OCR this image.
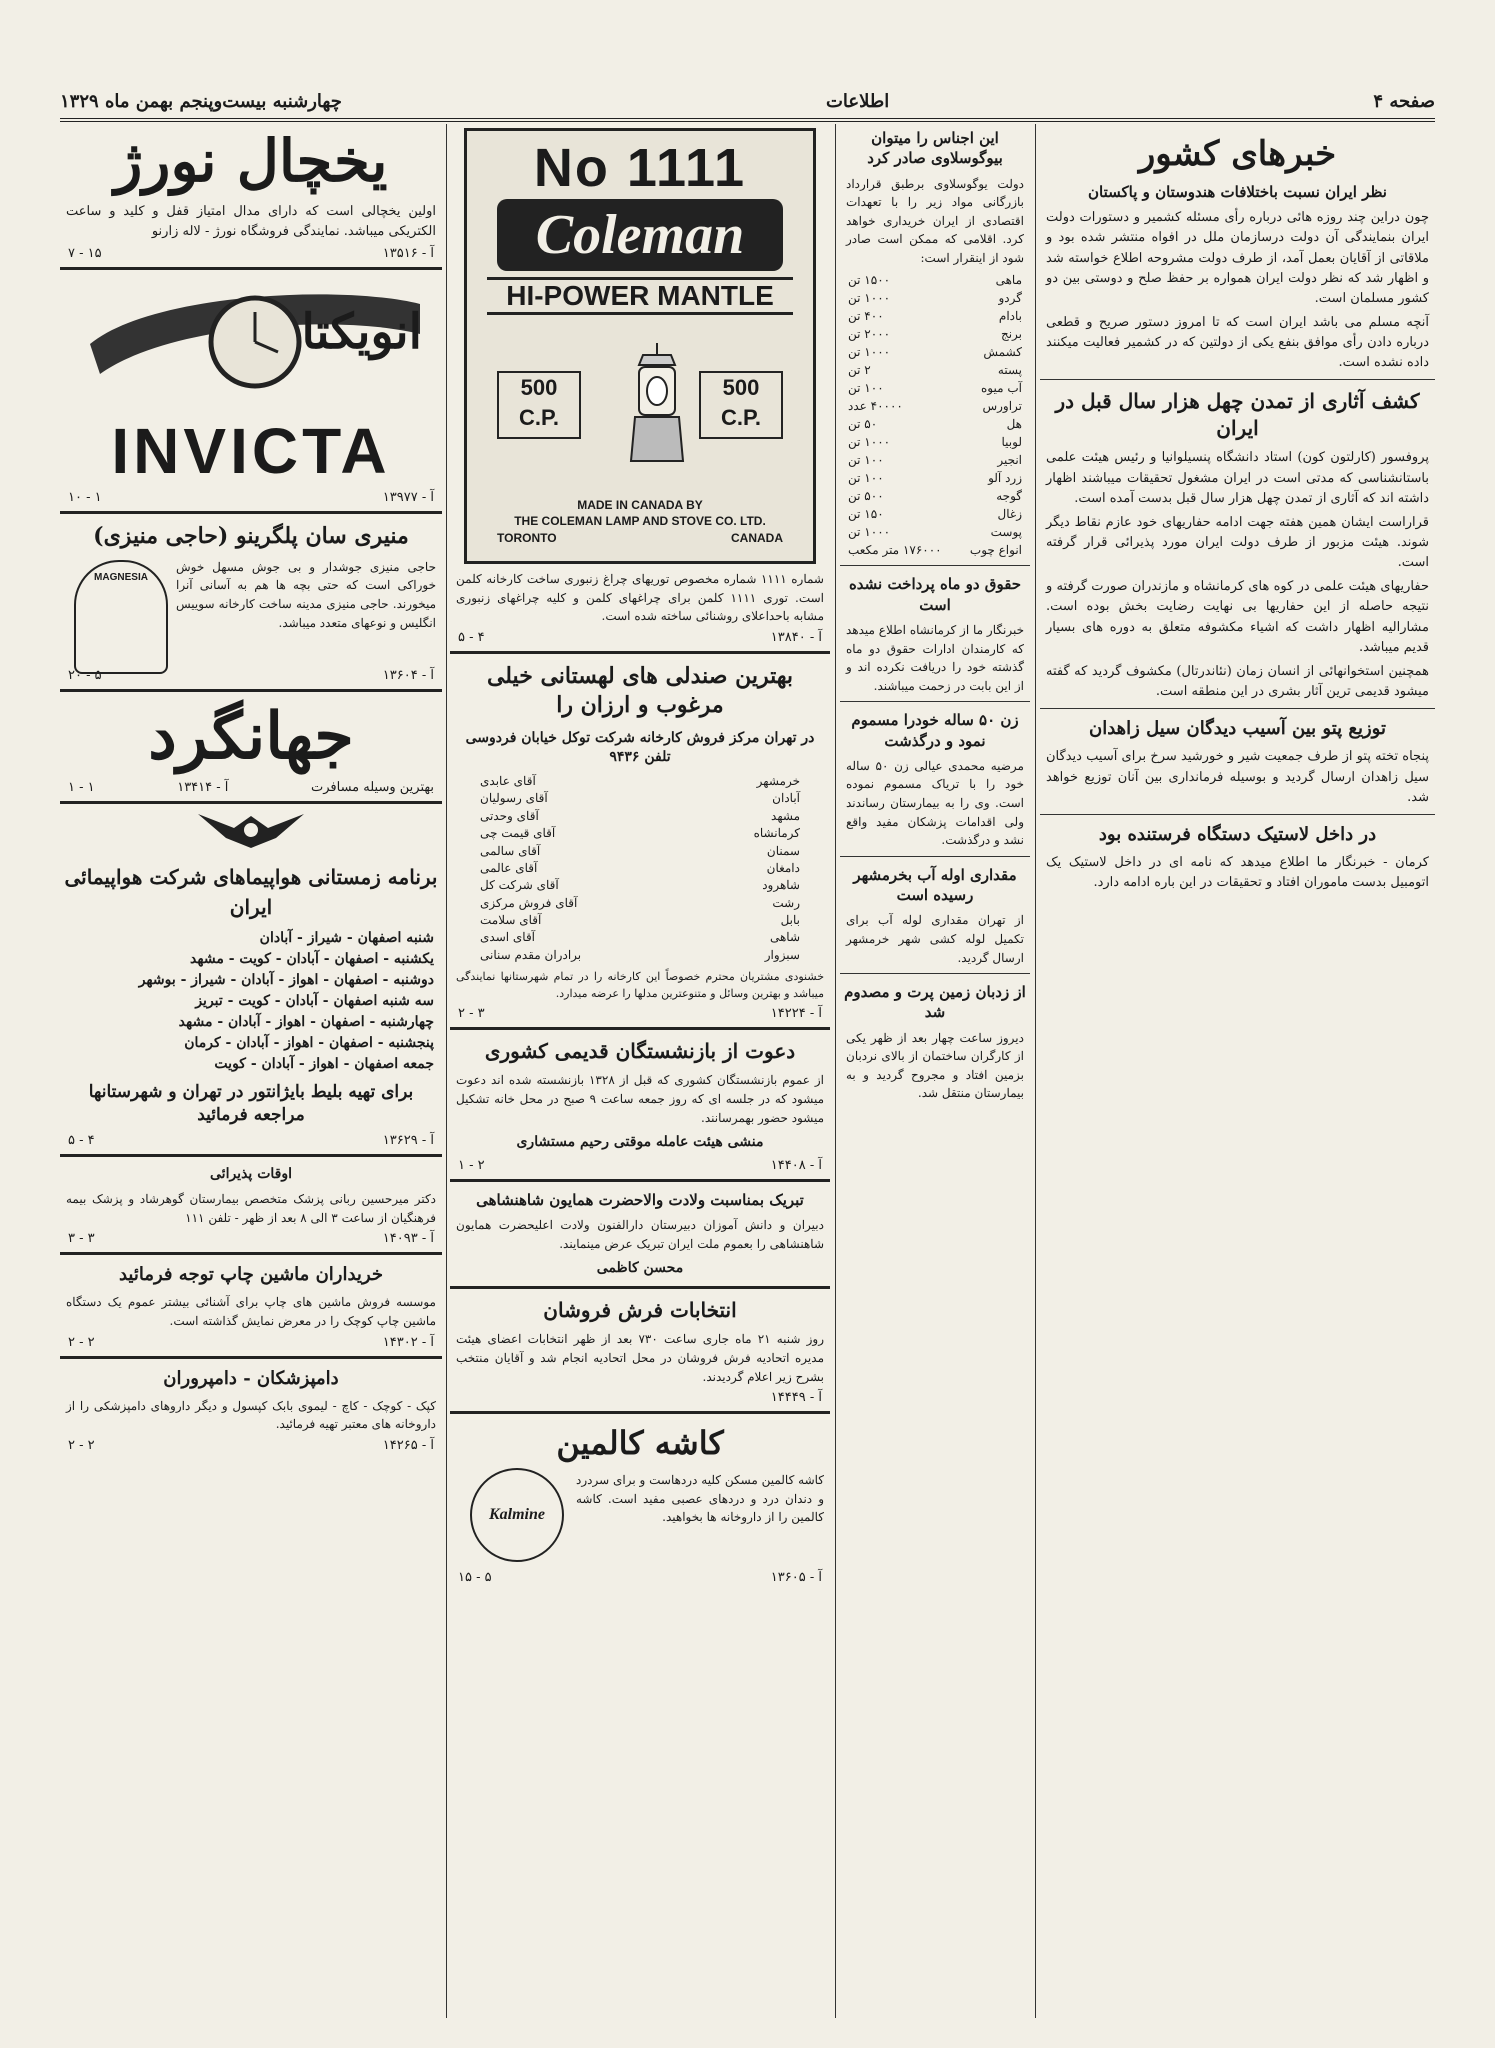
صفحه ۴
اطلاعات
چهارشنبه بیست‌و‌پنجم بهمن ماه ۱۳۲۹
خبرهای کشور
نظر ایران نسبت باختلافات هندوستان و پاکستان

چون دراین چند روزه هائی درباره رأی مسئله کشمیر و دستورات دولت ایران بنمایندگی آن دولت درسازمان ملل در افواه منتشر شده بود و ملاقاتی از آقایان بعمل آمد، از طرف دولت مشروحه اطلاع خواسته شد و اظهار شد که نظر دولت ایران همواره بر حفظ صلح و دوستی بین دو کشور مسلمان است.

آنچه مسلم می باشد ایران است که تا امروز دستور صریح و قطعی درباره دادن رأی موافق بنفع یکی از دولتین که در کشمیر فعالیت میکنند داده نشده است.

کشف آثاری از تمدن چهل هزار سال قبل در ایران

پروفسور (کارلتون کون) استاد دانشگاه پنسیلوانیا و رئیس هیئت علمی باستانشناسی که مدتی است در ایران مشغول تحقیقات میباشند اظهار داشته اند که آثاری از تمدن چهل هزار سال قبل بدست آمده است.

قراراست ایشان همین هفته جهت ادامه حفاریهای خود عازم نقاط دیگر شوند. هیئت مزبور از طرف دولت ایران مورد پذیرائی قرار گرفته است.

حفاریهای هیئت علمی در کوه های کرمانشاه و مازندران صورت گرفته و نتیجه حاصله از این حفاریها بی نهایت رضایت بخش بوده است. مشارالیه اظهار داشت که اشیاء مکشوفه متعلق به دوره های بسیار قدیم میباشد.

همچنین استخوانهائی از انسان زمان (نئاندرتال) مکشوف گردید که گفته میشود قدیمی ترین آثار بشری در این منطقه است.

توزیع پتو بین آسیب دیدگان سیل زاهدان

پنجاه تخته پتو از طرف جمعیت شیر و خورشید سرخ برای آسیب دیدگان سیل زاهدان ارسال گردید و بوسیله فرمانداری بین آنان توزیع خواهد شد.

در داخل لاستیک دستگاه فرستنده بود

کرمان - خبرنگار ما اطلاع میدهد که نامه ای در داخل لاستیک یک اتومبیل بدست ماموران افتاد و تحقیقات در این باره ادامه دارد.

این اجناس را میتوان بیوگوسلاوی صادر کرد

دولت یوگوسلاوی برطبق قرارداد بازرگانی مواد زیر را با تعهدات اقتصادی از ایران خریداری خواهد کرد. اقلامی که ممکن است صادر شود از اینقرار است:

ماهی
۱۵۰۰ تن
گردو
۱۰۰۰ تن
بادام
۴۰۰ تن
برنج
۲۰۰۰ تن
کشمش
۱۰۰۰ تن
پسته
۲ تن
آب میوه
۱۰۰ تن
تراورس
۴۰۰۰۰ عدد
هل
۵۰ تن
لوبیا
۱۰۰۰ تن
انجیر
۱۰۰ تن
زرد آلو
۱۰۰ تن
گوجه
۵۰۰ تن
زغال
۱۵۰ تن
پوست
۱۰۰۰ تن
انواع چوب
۱۷۶۰۰۰ متر مکعب
حقوق دو ماه پرداخت نشده است

خبرنگار ما از کرمانشاه اطلاع میدهد که کارمندان ادارات حقوق دو ماه گذشته خود را دریافت نکرده اند و از این بابت در زحمت میباشند.

زن ۵۰ ساله خودرا مسموم نمود و درگذشت

مرضیه محمدی عیالی زن ۵۰ ساله خود را با تریاک مسموم نموده است. وی را به بیمارستان رساندند ولی اقدامات پزشکان مفید واقع نشد و درگذشت.

مقداری اوله آب بخرمشهر رسیده است

از تهران مقداری لوله آب برای تکمیل لوله کشی شهر خرمشهر ارسال گردید.

از زدبان زمین پرت و مصدوم شد

دیروز ساعت چهار بعد از ظهر یکی از کارگران ساختمان از بالای نردبان بزمین افتاد و مجروح گردید و به بیمارستان منتقل شد.

No 1111
Coleman
HI-POWER MANTLE
500 C.P.
500 C.P.
MADE IN CANADA BY
THE COLEMAN LAMP AND STOVE CO. LTD.
TORONTO	CANADA

شماره ۱۱۱۱ شماره مخصوص توریهای چراغ زنبوری ساخت کارخانه کلمن است. توری ۱۱۱۱ کلمن برای چراغهای کلمن و کلیه چراغهای زنبوری مشابه باحداعلای روشنائی ساخته شده است.

آ - ۱۳۸۴۰
۴ - ۵
بهترین صندلی های لهستانی خیلی مرغوب و ارزان را
در تهران مرکز فروش کارخانه شرکت توکل خیابان فردوسی تلفن ۹۴۳۶
خرمشهر
آقای عابدی
آبادان
آقای رسولیان
مشهد
آقای وحدتی
کرمانشاه
آقای قیمت چی
سمنان
آقای سالمی
دامغان
آقای عالمی
شاهرود
آقای شرکت کل
رشت
آقای فروش مرکزی
بابل
آقای سلامت
شاهی
آقای اسدی
سبزوار
برادران مقدم سنانی

خشنودی مشتریان محترم خصوصاً این کارخانه را در تمام شهرستانها نمایندگی میباشد و بهترین وسائل و متنوعترین مدلها را عرضه میدارد.

آ - ۱۴۲۲۴
۳ - ۲
دعوت از بازنشستگان قدیمی کشوری

از عموم بازنشستگان کشوری که قبل از ۱۳۲۸ بازنشسته شده اند دعوت میشود که در جلسه ای که روز جمعه ساعت ۹ صبح در محل خانه تشکیل میشود حضور بهمرسانند.

منشی هیئت عامله موقتی رحیم مستشاری
آ - ۱۴۴۰۸
۲ - ۱
تبریک بمناسبت ولادت والاحضرت همایون شاهنشاهی

دبیران و دانش آموزان دبیرستان دارالفنون ولادت اعلیحضرت همایون شاهنشاهی را بعموم ملت ایران تبریک عرض مینمایند.

محسن کاظمی
انتخابات فرش فروشان

روز شنبه ۲۱ ماه جاری ساعت ۷۳۰ بعد از ظهر انتخابات اعضای هیئت مدیره اتحادیه فرش فروشان در محل اتحادیه انجام شد و آقایان منتخب بشرح زیر اعلام گردیدند.

آ - ۱۴۴۴۹
کاشه کالمین
Kalmine

کاشه کالمین مسکن کلیه دردهاست و برای سردرد و دندان درد و دردهای عصبی مفید است. کاشه کالمین را از داروخانه ها بخواهید.

آ - ۱۳۶۰۵
۵ - ۱۵
یخچال نورژ

اولین یخچالی است که دارای مدال امتیاز قفل و کلید و ساعت الکتریکی میباشد. نمایندگی فروشگاه نورژ - لاله زارنو

آ - ۱۳۵۱۶
۱۵ - ۷
انویکتا
INVICTA
آ - ۱۳۹۷۷
۱ - ۱۰
منیری سان پلگرینو (حاجی منیزی)
MAGNESIA

حاجی منیزی جوشدار و بی جوش مسهل خوش خوراکی است که حتی بچه ها هم به آسانی آنرا میخورند. حاجی منیزی مدینه ساخت کارخانه سوییس انگلیس و نوعهای متعدد میباشد.

آ - ۱۳۶۰۴
۵ - ۲۰
جهانگرد
بهترین وسیله مسافرت
آ - ۱۳۴۱۴
۱ - ۱
برنامه زمستانی هواپیماهای شرکت هواپیمائی ایران
شنبه اصفهان - شیراز - آبادان
یکشنبه - اصفهان - آبادان - کویت - مشهد
دوشنبه - اصفهان - اهواز - آبادان - شیراز - بوشهر
سه شنبه اصفهان - آبادان - کویت - تبریز
چهارشنبه - اصفهان - اهواز - آبادان - مشهد
پنجشنبه - اصفهان - اهواز - آبادان - کرمان
جمعه اصفهان - اهواز - آبادان - کویت
برای تهیه بلیط بایژانتور در تهران و شهرستانها مراجعه فرمائید
آ - ۱۳۶۲۹
۴ - ۵
اوقات پذیرائی

دکتر میرحسین ربانی پزشک متخصص بیمارستان گوهرشاد و پزشک بیمه فرهنگیان از ساعت ۳ الی ۸ بعد از ظهر - تلفن ۱۱۱

آ - ۱۴۰۹۳
۳ - ۳
خریداران ماشین چاپ توجه فرمائید

موسسه فروش ماشین های چاپ برای آشنائی بیشتر عموم یک دستگاه ماشین چاپ کوچک را در معرض نمایش گذاشته است.

آ - ۱۴۳۰۲
۲ - ۲
دامپزشکان - دامپروران

کپک - کوچک - کاچ - لیموی بابک کپسول و دیگر داروهای دامپزشکی را از داروخانه های معتبر تهیه فرمائید.

آ - ۱۴۲۶۵
۲ - ۲
